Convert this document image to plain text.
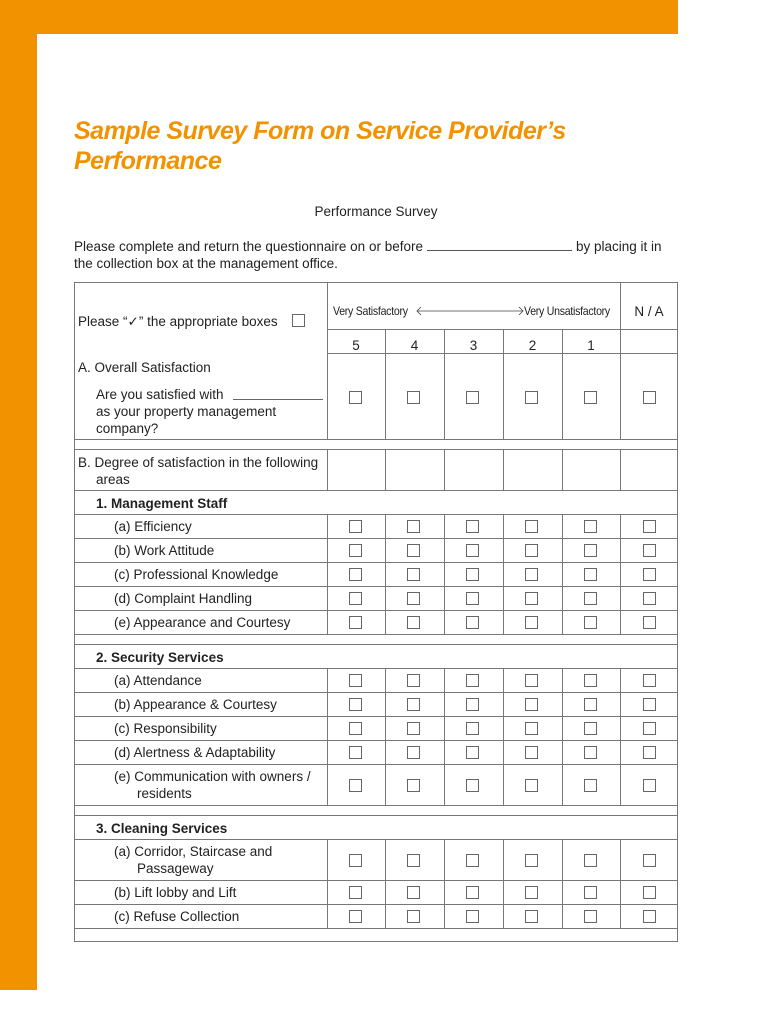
Sample Survey Form on Service Provider’s
Performance
Performance Survey
Please complete and return the questionnaire on or before	by placing it in
the collection box at the management office.
Please “✓” the appropriate boxes
Very Satisfactory	Very Unsatisfactory	N / A
5	4	3	2	1
A. Overall Satisfaction
Are you satisfied with
as your property management
company?
B. Degree of satisfaction in the following
areas
1. Management Staff
(a) Efficiency
(b) Work Attitude
(c) Professional Knowledge
(d) Complaint Handling
(e) Appearance and Courtesy
2. Security Services
(a) Attendance
(b) Appearance & Courtesy
(c) Responsibility
(d) Alertness & Adaptability
(e) Communication with owners /
residents
3. Cleaning Services
(a) Corridor, Staircase and
Passageway
(b) Lift lobby and Lift
(c) Refuse Collection
